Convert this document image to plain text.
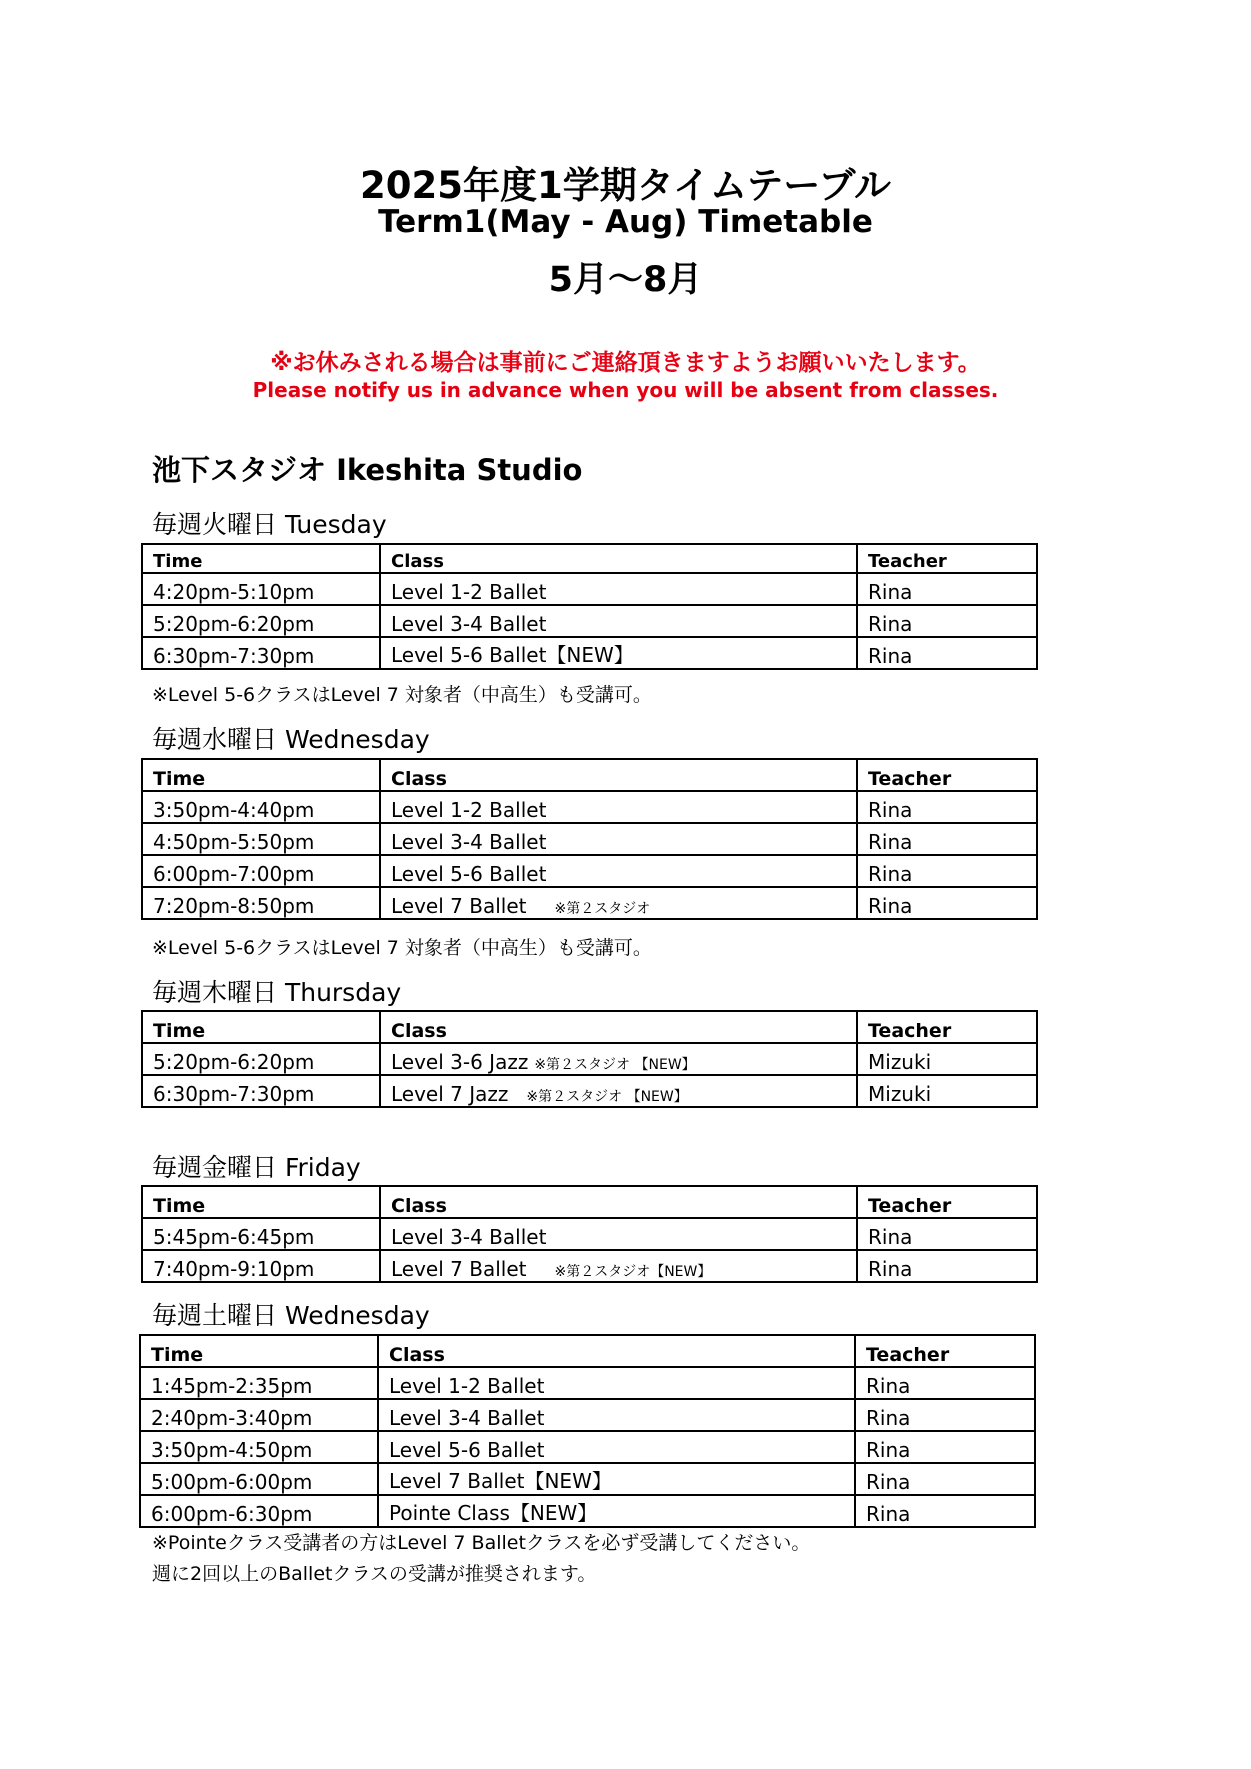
2025年度1学期タイムテーブル
Term1(May - Aug) Timetable
5月～8月
※お休みされる場合は事前にご連絡頂きますようお願いいたします。
Please notify us in advance when you will be absent from classes.
池下スタジオ Ikeshita Studio
毎週火曜日 Tuesday
Time	Class	Teacher
4:20pm-5:10pm	Level 1-2 Ballet	Rina
5:20pm-6:20pm	Level 3-4 Ballet	Rina
6:30pm-7:30pm	Level 5-6 Ballet【NEW】	Rina
※Level 5-6クラスはLevel 7 対象者（中高生）も受講可。
毎週水曜日 Wednesday
Time	Class	Teacher
3:50pm-4:40pm	Level 1-2 Ballet	Rina
4:50pm-5:50pm	Level 3-4 Ballet	Rina
6:00pm-7:00pm	Level 5-6 Ballet	Rina
7:20pm-8:50pm	Level 7 Ballet ※第２スタジオ	Rina
※Level 5-6クラスはLevel 7 対象者（中高生）も受講可。
毎週木曜日 Thursday
Time	Class	Teacher
5:20pm-6:20pm	Level 3-6 Jazz ※第２スタジオ 【NEW】	Mizuki
6:30pm-7:30pm	Level 7 Jazz ※第２スタジオ 【NEW】	Mizuki
毎週金曜日 Friday
Time	Class	Teacher
5:45pm-6:45pm	Level 3-4 Ballet	Rina
7:40pm-9:10pm	Level 7 Ballet ※第２スタジオ【NEW】	Rina
毎週土曜日 Wednesday
Time	Class	Teacher
1:45pm-2:35pm	Level 1-2 Ballet	Rina
2:40pm-3:40pm	Level 3-4 Ballet	Rina
3:50pm-4:50pm	Level 5-6 Ballet	Rina
5:00pm-6:00pm	Level 7 Ballet【NEW】	Rina
6:00pm-6:30pm	Pointe Class【NEW】	Rina
※Pointeクラス受講者の方はLevel 7 Balletクラスを必ず受講してください。
週に2回以上のBalletクラスの受講が推奨されます。
